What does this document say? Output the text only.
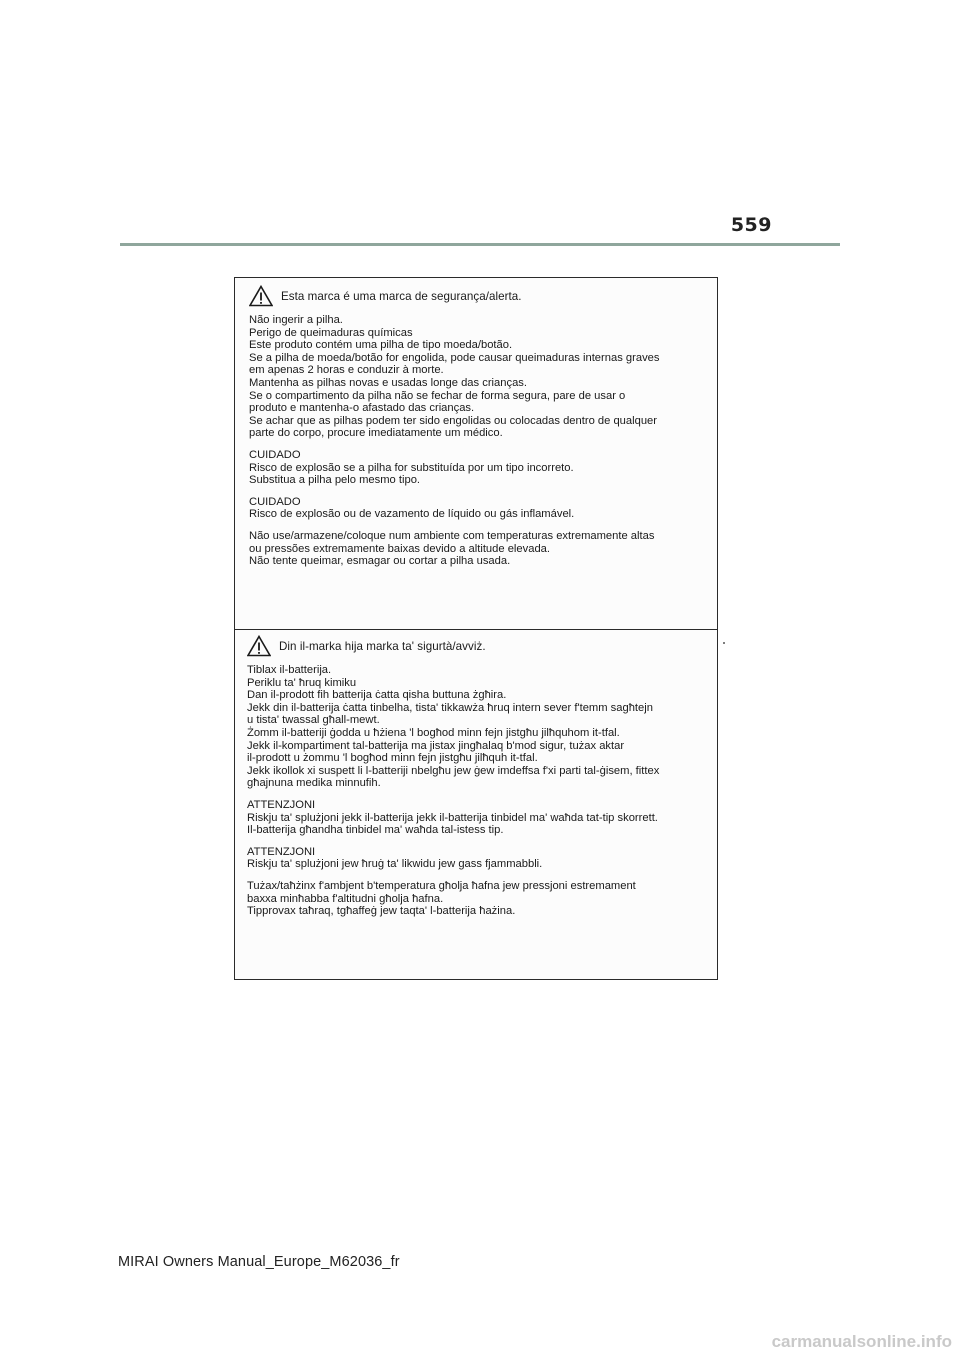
559
Esta marca é uma marca de segurança/alerta.

Não ingerir a pilha.

Perigo de queimaduras químicas

Este produto contém uma pilha de tipo moeda/botão.

Se a pilha de moeda/botão for engolida, pode causar queimaduras internas graves

em apenas 2 horas e conduzir à morte.

Mantenha as pilhas novas e usadas longe das crianças.

Se o compartimento da pilha não se fechar de forma segura, pare de usar o

produto e mantenha-o afastado das crianças.

Se achar que as pilhas podem ter sido engolidas ou colocadas dentro de qualquer

parte do corpo, procure imediatamente um médico.

CUIDADO

Risco de explosão se a pilha for substituída por um tipo incorreto.

Substitua a pilha pelo mesmo tipo.

CUIDADO

Risco de explosão ou de vazamento de líquido ou gás inflamável.

Não use/armazene/coloque num ambiente com temperaturas extremamente altas

ou pressões extremamente baixas devido a altitude elevada.

Não tente queimar, esmagar ou cortar a pilha usada.

Din il-marka hija marka ta' sigurtà/avviż.

Tiblax il-batterija.

Periklu ta' ħruq kimiku

Dan il-prodott fih batterija ċatta qisha buttuna żgħira.

Jekk din il-batterija ċatta tinbelha, tista' tikkawża ħruq intern sever f'temm sagħtejn

u tista' twassal għall-mewt.

Żomm il-batteriji ġodda u ħżiena 'l bogħod minn fejn jistgħu jilħquhom it-tfal.

Jekk il-kompartiment tal-batterija ma jistax jingħalaq b'mod sigur, tużax aktar

il-prodott u żommu 'l bogħod minn fejn jistgħu jilħquh it-tfal.

Jekk ikollok xi suspett li l-batteriji nbelgħu jew ġew imdeffsa f'xi parti tal-ġisem, fittex

għajnuna medika minnufih.

ATTENZJONI

Riskju ta' splużjoni jekk il-batterija jekk il-batterija tinbidel ma' waħda tat-tip skorrett.

Il-batterija għandha tinbidel ma' waħda tal-istess tip.

ATTENZJONI

Riskju ta' splużjoni jew ħruġ ta' likwidu jew gass fjammabbli.

Tużax/taħżinx f'ambjent b'temperatura għolja ħafna jew pressjoni estremament

baxxa minħabba f'altitudni għolja ħafna.

Tipprovax taħraq, tgħaffeġ jew taqta' l-batterija ħażina.

MIRAI Owners Manual_Europe_M62036_fr
carmanualsonline.info
